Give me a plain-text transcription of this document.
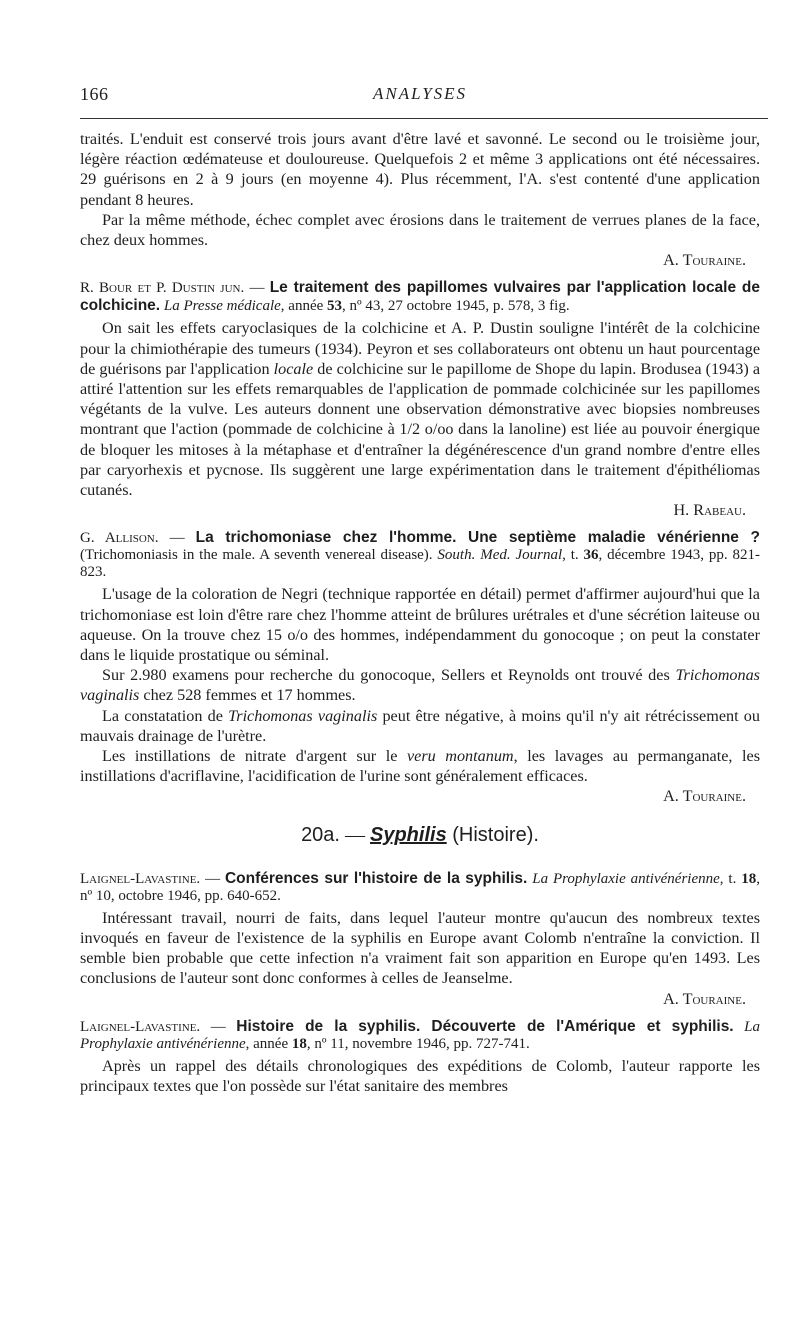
166	ANALYSES

traités. L'enduit est conservé trois jours avant d'être lavé et savonné. Le second ou le troisième jour, légère réaction œdémateuse et douloureuse. Quelquefois 2 et même 3 applications ont été nécessaires. 29 guérisons en 2 à 9 jours (en moyenne 4). Plus récemment, l'A. s'est contenté d'une application pendant 8 heures.

Par la même méthode, échec complet avec érosions dans le traitement de verrues planes de la face, chez deux hommes.

A. Touraine.

R. Bour et P. Dustin jun. — Le traitement des papillomes vulvaires par l'application locale de colchicine. La Presse médicale, année 53, nº 43, 27 octobre 1945, p. 578, 3 fig.

On sait les effets caryoclasiques de la colchicine et A. P. Dustin souligne l'intérêt de la colchicine pour la chimiothérapie des tumeurs (1934). Peyron et ses collaborateurs ont obtenu un haut pourcentage de guérisons par l'application locale de colchicine sur le papillome de Shope du lapin. Brodusea (1943) a attiré l'attention sur les effets remarquables de l'application de pommade colchicinée sur les papillomes végétants de la vulve. Les auteurs donnent une observation démonstrative avec biopsies nombreuses montrant que l'action (pommade de colchicine à 1/2 o/oo dans la lanoline) est liée au pouvoir énergique de bloquer les mitoses à la métaphase et d'entraîner la dégénérescence d'un grand nombre d'entre elles par caryorhexis et pycnose. Ils suggèrent une large expérimentation dans le traitement d'épithéliomas cutanés.

H. Rabeau.

G. Allison. — La trichomoniase chez l'homme. Une septième maladie vénérienne ? (Trichomoniasis in the male. A seventh venereal disease). South. Med. Journal, t. 36, décembre 1943, pp. 821-823.

L'usage de la coloration de Negri (technique rapportée en détail) permet d'affirmer aujourd'hui que la trichomoniase est loin d'être rare chez l'homme atteint de brûlures urétrales et d'une sécrétion laiteuse ou aqueuse. On la trouve chez 15 o/o des hommes, indépendamment du gonocoque ; on peut la constater dans le liquide prostatique ou séminal.

Sur 2.980 examens pour recherche du gonocoque, Sellers et Reynolds ont trouvé des Trichomonas vaginalis chez 528 femmes et 17 hommes.

La constatation de Trichomonas vaginalis peut être négative, à moins qu'il n'y ait rétrécissement ou mauvais drainage de l'urètre.

Les instillations de nitrate d'argent sur le veru montanum, les lavages au permanganate, les instillations d'acriflavine, l'acidification de l'urine sont généralement efficaces.

A. Touraine.

20a. — Syphilis (Histoire).

Laignel-Lavastine. — Conférences sur l'histoire de la syphilis. La Prophylaxie antivénérienne, t. 18, nº 10, octobre 1946, pp. 640-652.

Intéressant travail, nourri de faits, dans lequel l'auteur montre qu'aucun des nombreux textes invoqués en faveur de l'existence de la syphilis en Europe avant Colomb n'entraîne la conviction. Il semble bien probable que cette infection n'a vraiment fait son apparition en Europe qu'en 1493. Les conclusions de l'auteur sont donc conformes à celles de Jeanselme.

A. Touraine.

Laignel-Lavastine. — Histoire de la syphilis. Découverte de l'Amérique et syphilis. La Prophylaxie antivénérienne, année 18, nº 11, novembre 1946, pp. 727-741.

Après un rappel des détails chronologiques des expéditions de Colomb, l'auteur rapporte les principaux textes que l'on possède sur l'état sanitaire des membres
